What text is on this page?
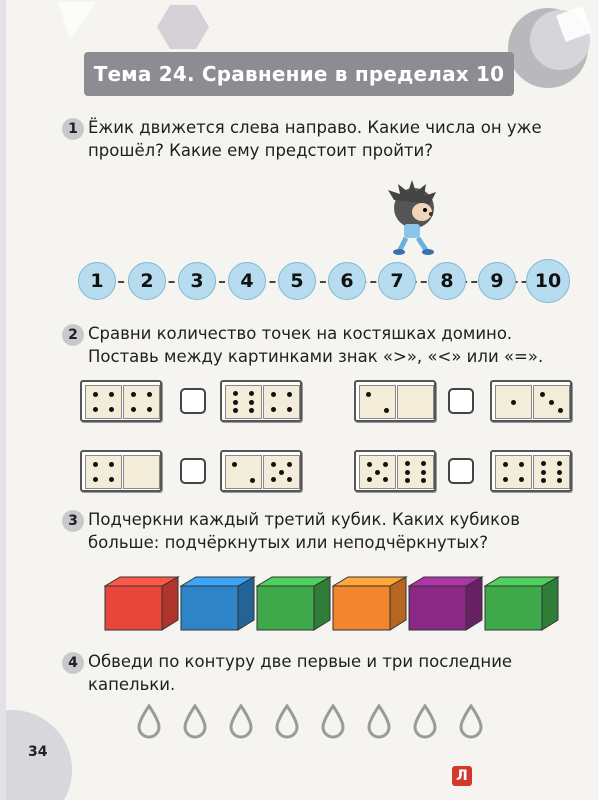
Тема 24. Сравнение в пределах 10
1 Ёжик движется слева направо. Какие числа он уже прошёл? Какие ему предстоит пройти?
1	2	3	4	5	6	7	8	9	10
2 Сравни количество точек на костяшках домино. Поставь между картинками знак «>», «<» или «=».
3 Подчеркни каждый третий кубик. Каких кубиков больше: подчёркнутых или неподчёркнутых?
4 Обведи по контуру две первые и три последние капельки.
34
Л
